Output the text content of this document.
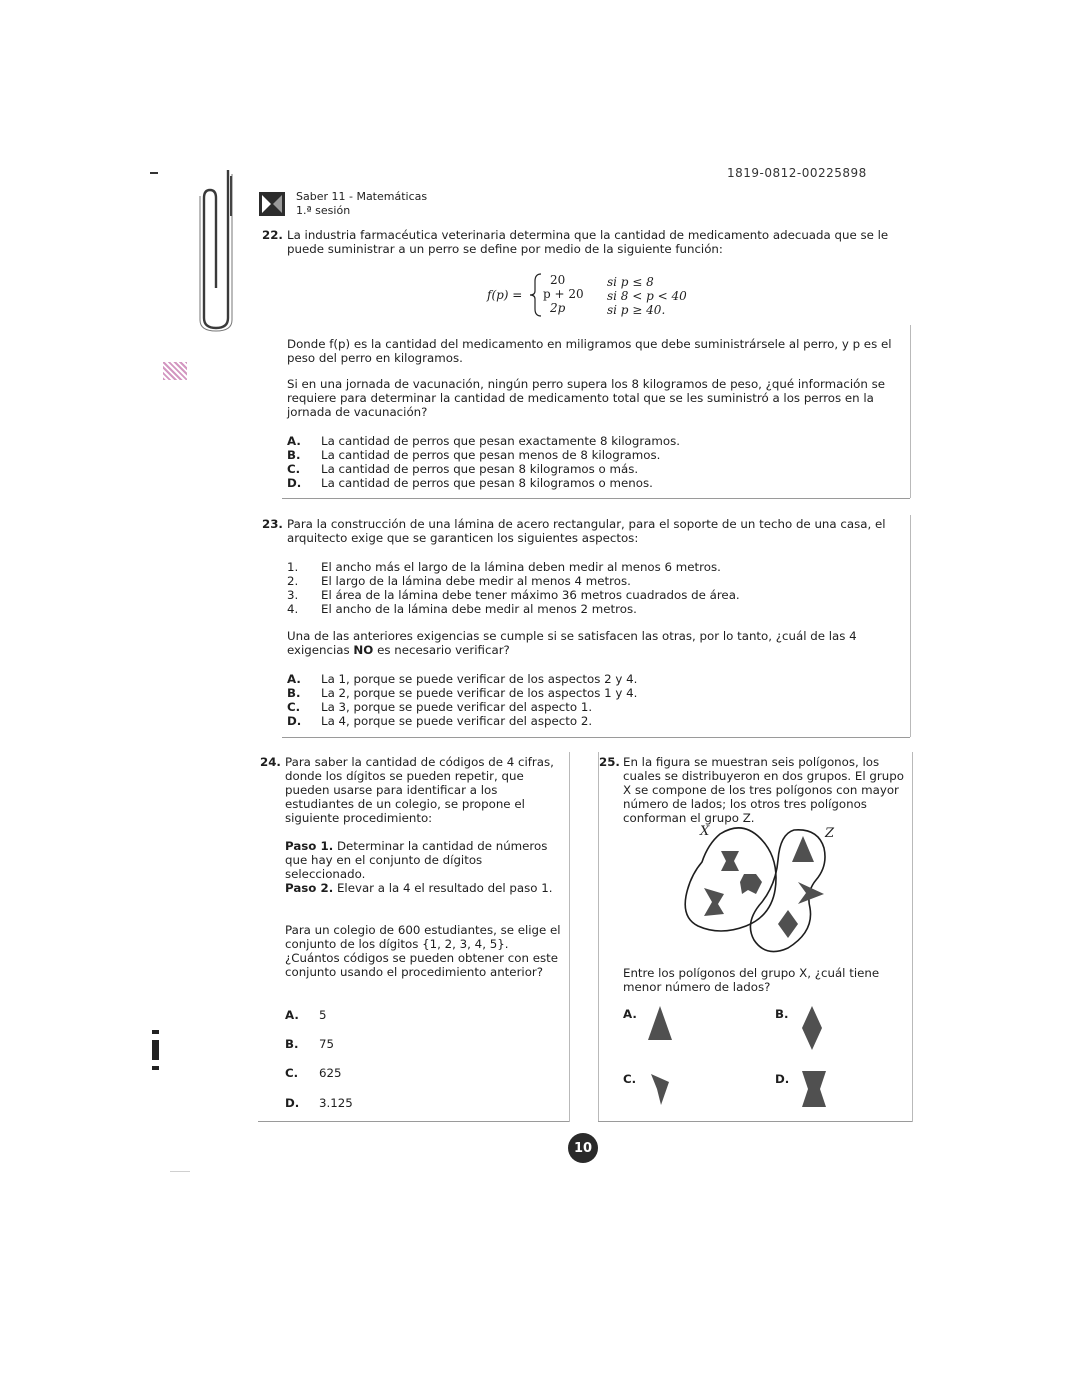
1819-0812-00225898
Saber 11 - Matemáticas
1.ª sesión
22. La industria farmacéutica veterinaria determina que la cantidad de medicamento adecuada que se le puede suministrar a un perro se define por medio de la siguiente función:
f(p) =
20
p + 20
2p
si p ≤ 8
si 8 < p < 40
si p ≥ 40.
Donde f(p) es la cantidad del medicamento en miligramos que debe suministrársele al perro, y p es el peso del perro en kilogramos.
Si en una jornada de vacunación, ningún perro supera los 8 kilogramos de peso, ¿qué información se requiere para determinar la cantidad de medicamento total que se les suministró a los perros en la jornada de vacunación?
A. La cantidad de perros que pesan exactamente 8 kilogramos.
B. La cantidad de perros que pesan menos de 8 kilogramos.
C. La cantidad de perros que pesan 8 kilogramos o más.
D. La cantidad de perros que pesan 8 kilogramos o menos.
23. Para la construcción de una lámina de acero rectangular, para el soporte de un techo de una casa, el arquitecto exige que se garanticen los siguientes aspectos:
1. El ancho más el largo de la lámina deben medir al menos 6 metros.
2. El largo de la lámina debe medir al menos 4 metros.
3. El área de la lámina debe tener máximo 36 metros cuadrados de área.
4. El ancho de la lámina debe medir al menos 2 metros.
Una de las anteriores exigencias se cumple si se satisfacen las otras, por lo tanto, ¿cuál de las 4 exigencias NO es necesario verificar?
A. La 1, porque se puede verificar de los aspectos 2 y 4.
B. La 2, porque se puede verificar de los aspectos 1 y 4.
C. La 3, porque se puede verificar del aspecto 1.
D. La 4, porque se puede verificar del aspecto 2.
24. Para saber la cantidad de códigos de 4 cifras, donde los dígitos se pueden repetir, que pueden usarse para identificar a los estudiantes de un colegio, se propone el siguiente procedimiento:
Paso 1. Determinar la cantidad de números que hay en el conjunto de dígitos seleccionado.
Paso 2. Elevar a la 4 el resultado del paso 1.
Para un colegio de 600 estudiantes, se elige el conjunto de los dígitos {1, 2, 3, 4, 5}. ¿Cuántos códigos se pueden obtener con este conjunto usando el procedimiento anterior?
A. 5
B. 75
C. 625
D. 3.125
25. En la figura se muestran seis polígonos, los cuales se distribuyeron en dos grupos. El grupo X se compone de los tres polígonos con mayor número de lados; los otros tres polígonos conforman el grupo Z.
X	Z
Entre los polígonos del grupo X, ¿cuál tiene menor número de lados?
A.	B.
C.	D.
10
